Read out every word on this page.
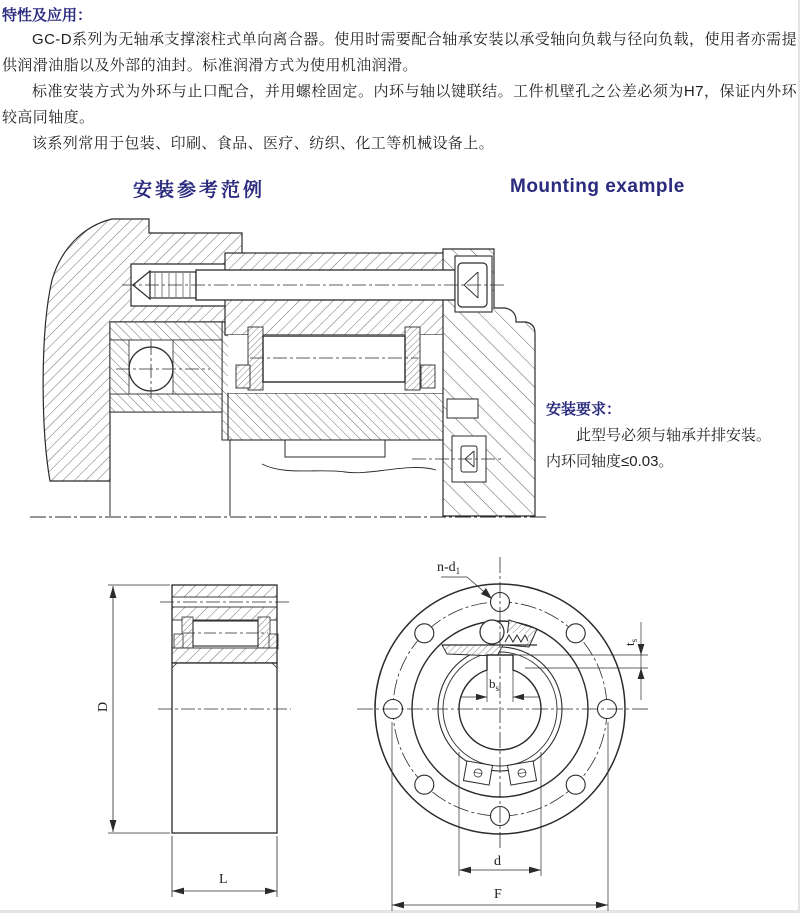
特性及应用：

GC-D系列为无轴承支撑滚柱式单向离合器。使用时需要配合轴承安装以承受轴向负载与径向负载，使用者亦需提供润滑油脂以及外部的油封。标准润滑方式为使用机油润滑。

标准安装方式为外环与止口配合，并用螺栓固定。内环与轴以键联结。工件机壁孔之公差必须为H7，保证内外环较高同轴度。

该系列常用于包装、印刷、食品、医疗、纺织、化工等机械设备上。

安装参考范例	Mounting example
安装要求：
此型号必须与轴承并排安装。
内环同轴度≤0.03。
D
L
$n-d_1$
$b_s$
$t_s$
d
F
